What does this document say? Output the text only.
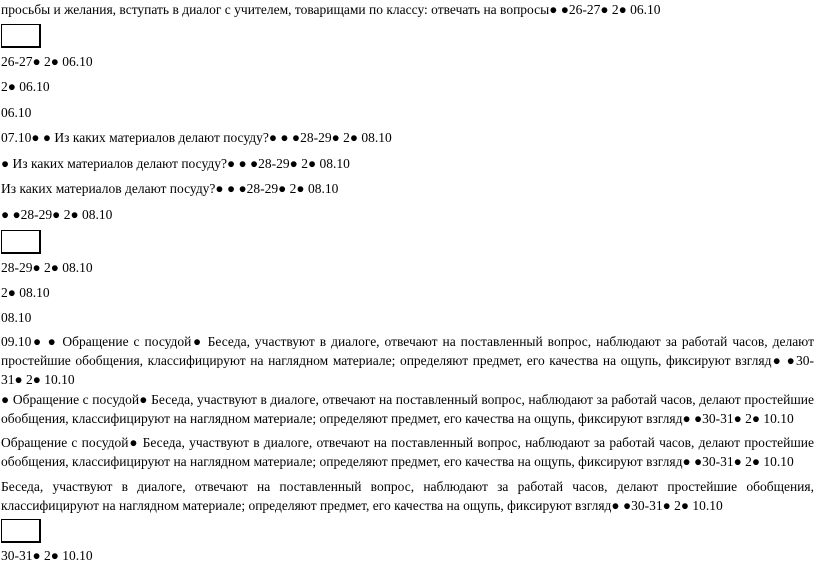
просьбы и желания, вступать в диалог с учителем, товарищами по классу: отвечать на вопросы● ●26-27● 2● 06.10
26-27● 2● 06.10
2● 06.10
06.10
07.10● ● Из каких материалов делают посуду?● ● ●28-29● 2● 08.10
● Из каких материалов делают посуду?● ● ●28-29● 2● 08.10
Из каких материалов делают посуду?● ● ●28-29● 2● 08.10
● ●28-29● 2● 08.10
28-29● 2● 08.10
2● 08.10
08.10
09.10● ● Обращение с посудой● Беседа, участвуют в диалоге, отвечают на поставленный вопрос, наблюдают за работай часов, делают простейшие обобщения, классифицируют на наглядном материале; определяют предмет, его качества на ощупь, фиксируют взгляд● ●30-31● 2● 10.10
● Обращение с посудой● Беседа, участвуют в диалоге, отвечают на поставленный вопрос, наблюдают за работай часов, делают простейшие обобщения, классифицируют на наглядном материале; определяют предмет, его качества на ощупь, фиксируют взгляд● ●30-31● 2● 10.10
Обращение с посудой● Беседа, участвуют в диалоге, отвечают на поставленный вопрос, наблюдают за работай часов, делают простейшие обобщения, классифицируют на наглядном материале; определяют предмет, его качества на ощупь, фиксируют взгляд● ●30-31● 2● 10.10
Беседа, участвуют в диалоге, отвечают на поставленный вопрос, наблюдают за работай часов, делают простейшие обобщения, классифицируют на наглядном материале; определяют предмет, его качества на ощупь, фиксируют взгляд● ●30-31● 2● 10.10
30-31● 2● 10.10
